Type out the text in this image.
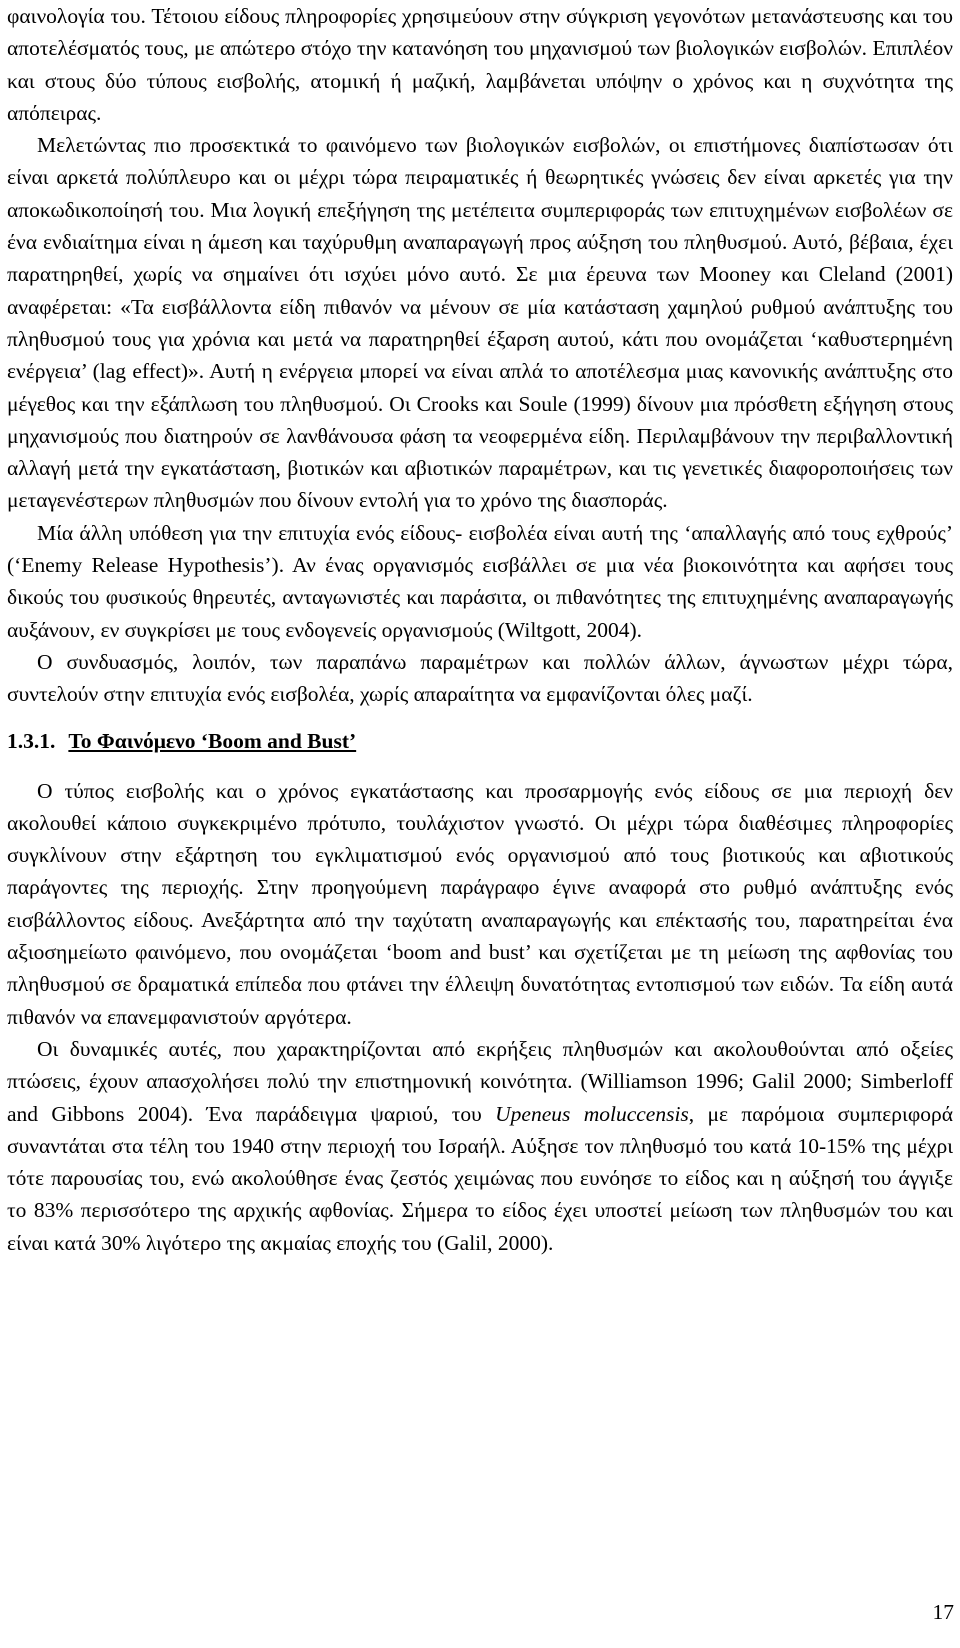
φαινολογία του. Τέτοιου είδους πληροφορίες χρησιμεύουν στην σύγκριση γεγονότων μετανάστευσης και του αποτελέσματός τους, με απώτερο στόχο την κατανόηση του μηχανισμού των βιολογικών εισβολών. Επιπλέον και στους δύο τύπους εισβολής, ατομική ή μαζική, λαμβάνεται υπόψην ο χρόνος και η συχνότητα της απόπειρας.

Μελετώντας πιο προσεκτικά το φαινόμενο των βιολογικών εισβολών, οι επιστήμονες διαπίστωσαν ότι είναι αρκετά πολύπλευρο και οι μέχρι τώρα πειραματικές ή θεωρητικές γνώσεις δεν είναι αρκετές για την αποκωδικοποίησή του. Μια λογική επεξήγηση της μετέπειτα συμπεριφοράς των επιτυχημένων εισβολέων σε ένα ενδιαίτημα είναι η άμεση και ταχύρυθμη αναπαραγωγή προς αύξηση του πληθυσμού. Αυτό, βέβαια, έχει παρατηρηθεί, χωρίς να σημαίνει ότι ισχύει μόνο αυτό. Σε μια έρευνα των Mooney και Cleland (2001) αναφέρεται: «Τα εισβάλλοντα είδη πιθανόν να μένουν σε μία κατάσταση χαμηλού ρυθμού ανάπτυξης του πληθυσμού τους για χρόνια και μετά να παρατηρηθεί έξαρση αυτού, κάτι που ονομάζεται ‘καθυστερημένη ενέργεια’ (lag effect)». Αυτή η ενέργεια μπορεί να είναι απλά το αποτέλεσμα μιας κανονικής ανάπτυξης στο μέγεθος και την εξάπλωση του πληθυσμού. Οι Crooks και Soule (1999) δίνουν μια πρόσθετη εξήγηση στους μηχανισμούς που διατηρούν σε λανθάνουσα φάση τα νεοφερμένα είδη. Περιλαμβάνουν την περιβαλλοντική αλλαγή μετά την εγκατάσταση, βιοτικών και αβιοτικών παραμέτρων, και τις γενετικές διαφοροποιήσεις των μεταγενέστερων πληθυσμών που δίνουν εντολή για το χρόνο της διασποράς.

Μία άλλη υπόθεση για την επιτυχία ενός είδους- εισβολέα είναι αυτή της ‘απαλλαγής από τους εχθρούς’ (‘Enemy Release Hypothesis’). Αν ένας οργανισμός εισβάλλει σε μια νέα βιοκοινότητα και αφήσει τους δικούς του φυσικούς θηρευτές, ανταγωνιστές και παράσιτα, οι πιθανότητες της επιτυχημένης αναπαραγωγής αυξάνουν, εν συγκρίσει με τους ενδογενείς οργανισμούς (Wiltgott, 2004).

Ο συνδυασμός, λοιπόν, των παραπάνω παραμέτρων και πολλών άλλων, άγνωστων μέχρι τώρα, συντελούν στην επιτυχία ενός εισβολέα, χωρίς απαραίτητα να εμφανίζονται όλες μαζί.

1.3.1. Το Φαινόμενο ‘Boom and Bust’

Ο τύπος εισβολής και ο χρόνος εγκατάστασης και προσαρμογής ενός είδους σε μια περιοχή δεν ακολουθεί κάποιο συγκεκριμένο πρότυπο, τουλάχιστον γνωστό. Οι μέχρι τώρα διαθέσιμες πληροφορίες συγκλίνουν στην εξάρτηση του εγκλιματισμού ενός οργανισμού από τους βιοτικούς και αβιοτικούς παράγοντες της περιοχής. Στην προηγούμενη παράγραφο έγινε αναφορά στο ρυθμό ανάπτυξης ενός εισβάλλοντος είδους. Ανεξάρτητα από την ταχύτατη αναπαραγωγής και επέκτασής του, παρατηρείται ένα αξιοσημείωτο φαινόμενο, που ονομάζεται ‘boom and bust’ και σχετίζεται με τη μείωση της αφθονίας του πληθυσμού σε δραματικά επίπεδα που φτάνει την έλλειψη δυνατότητας εντοπισμού των ειδών. Τα είδη αυτά πιθανόν να επανεμφανιστούν αργότερα.

Οι δυναμικές αυτές, που χαρακτηρίζονται από εκρήξεις πληθυσμών και ακολουθούνται από οξείες πτώσεις, έχουν απασχολήσει πολύ την επιστημονική κοινότητα. (Williamson 1996; Galil 2000; Simberloff and Gibbons 2004). Ένα παράδειγμα ψαριού, του Upeneus moluccensis, με παρόμοια συμπεριφορά συναντάται στα τέλη του 1940 στην περιοχή του Ισραήλ. Αύξησε τον πληθυσμό του κατά 10-15% της μέχρι τότε παρουσίας του, ενώ ακολούθησε ένας ζεστός χειμώνας που ευνόησε το είδος και η αύξησή του άγγιξε το 83% περισσότερο της αρχικής αφθονίας. Σήμερα το είδος έχει υποστεί μείωση των πληθυσμών του και είναι κατά 30% λιγότερο της ακμαίας εποχής του (Galil, 2000).

17
